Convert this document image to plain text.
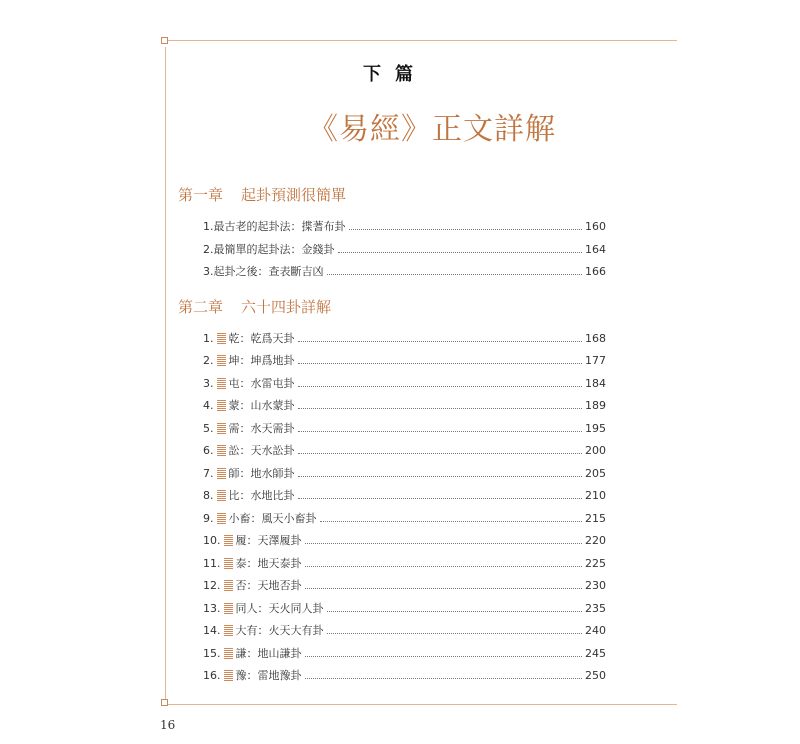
下篇
《易經》正文詳解
第一章 起卦預測很簡單
1. 最古老的起卦法：揲蓍布卦	160
2. 最簡單的起卦法：金錢卦	164
3. 起卦之後：查表斷吉凶	166
第二章 六十四卦詳解
1. 乾：乾爲天卦	168
2. 坤：坤爲地卦	177
3. 屯：水雷屯卦	184
4. 蒙：山水蒙卦	189
5. 需：水天需卦	195
6. 訟：天水訟卦	200
7. 師：地水師卦	205
8. 比：水地比卦	210
9. 小畜：風天小畜卦	215
10. 履：天澤履卦	220
11. 泰：地天泰卦	225
12. 否：天地否卦	230
13. 同人：天火同人卦	235
14. 大有：火天大有卦	240
15. 謙：地山謙卦	245
16. 豫：雷地豫卦	250
16
